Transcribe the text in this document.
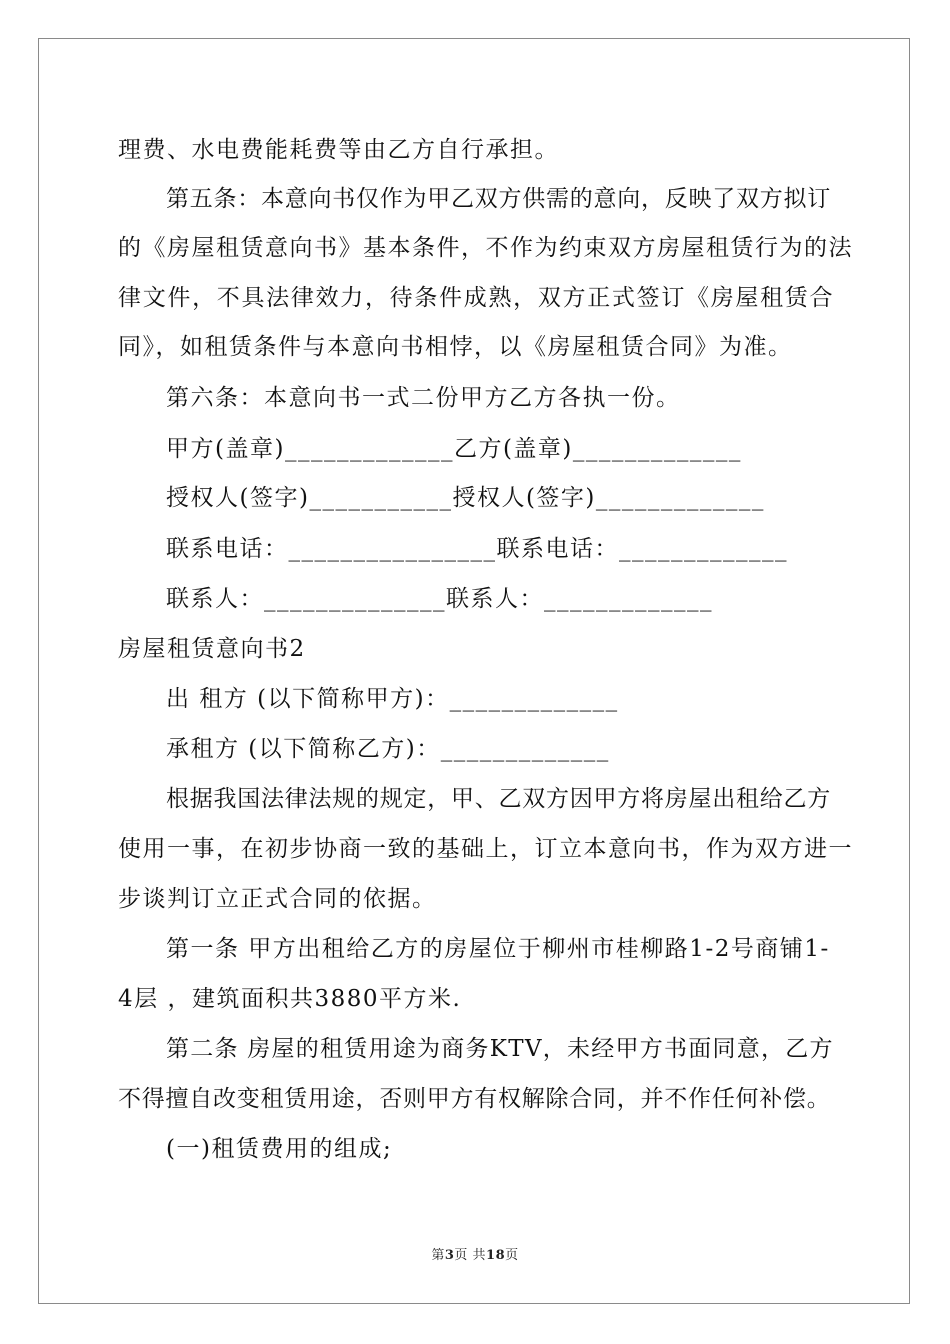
理费、水电费能耗费等由乙方自行承担。
第五条：本意向书仅作为甲乙双方供需的意向，反映了双方拟订
的《房屋租赁意向书》基本条件，不作为约束双方房屋租赁行为的法
律文件，不具法律效力，待条件成熟，双方正式签订《房屋租赁合
同》，如租赁条件与本意向书相悖，以《房屋租赁合同》为准。
第六条：本意向书一式二份甲方乙方各执一份。
甲方(盖章)_____________乙方(盖章)_____________
授权人(签字)___________授权人(签字)_____________
联系电话：________________联系电话：_____________
联系人：______________联系人：_____________
房屋租赁意向书2
出 租方 (以下简称甲方)：_____________
承租方 (以下简称乙方)：_____________
根据我国法律法规的规定，甲、乙双方因甲方将房屋出租给乙方
使用一事，在初步协商一致的基础上，订立本意向书，作为双方进一
步谈判订立正式合同的依据。
第一条 甲方出租给乙方的房屋位于柳州市桂柳路1-2号商铺1-
4层 ，建筑面积共3880平方米.
第二条 房屋的租赁用途为商务KTV，未经甲方书面同意，乙方
不得擅自改变租赁用途，否则甲方有权解除合同，并不作任何补偿。
(一)租赁费用的组成;
第3页 共18页
